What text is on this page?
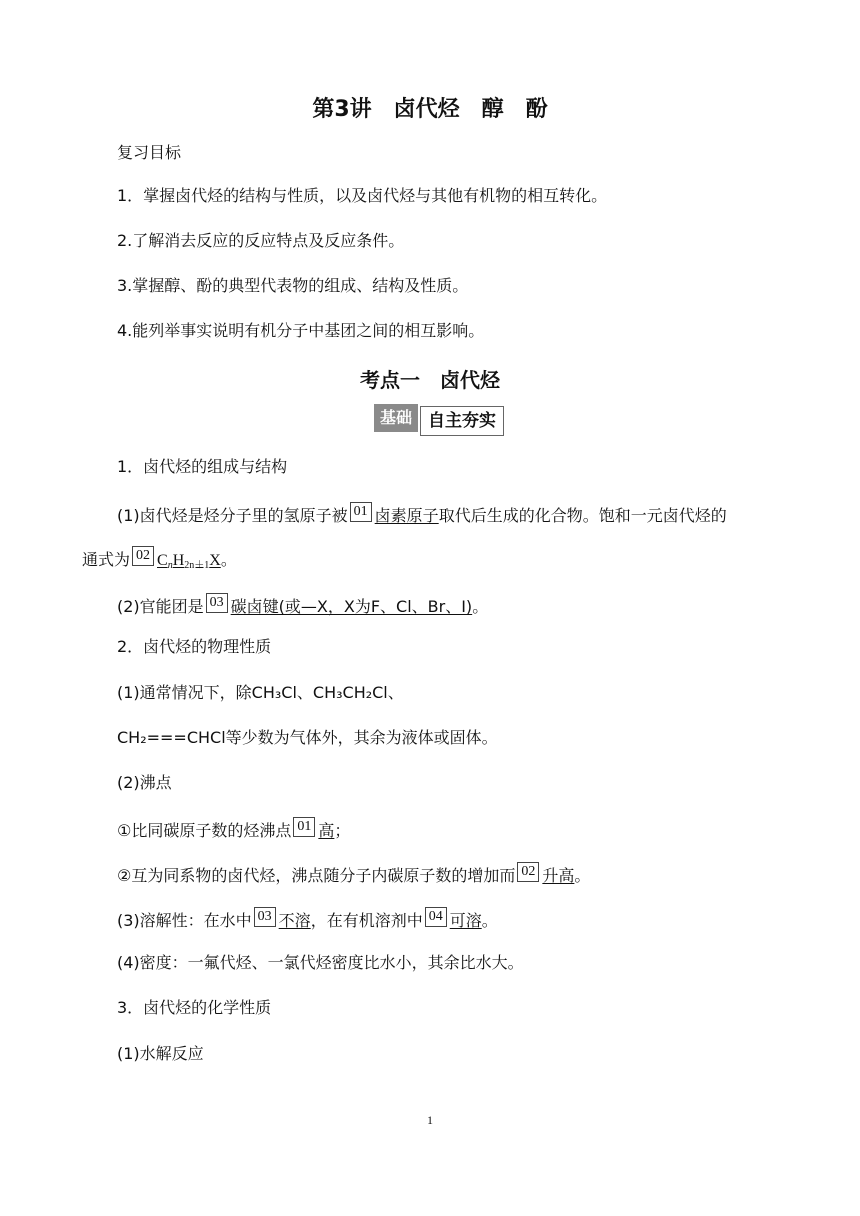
第3讲　卤代烃　醇　酚
复习目标
1．掌握卤代烃的结构与性质，以及卤代烃与其他有机物的相互转化。
2.了解消去反应的反应特点及反应条件。
3.掌握醇、酚的典型代表物的组成、结构及性质。
4.能列举事实说明有机分子中基团之间的相互影响。
考点一　卤代烃
基础 自主夯实
1．卤代烃的组成与结构
(1)卤代烃是烃分子里的氢原子被 01 卤素原子取代后生成的化合物。饱和一元卤代烃的
通式为 02 $C_nH_{2n+1}X$。
(2)官能团是 03 碳卤键(或—X，X为F、Cl、Br、I)。
2．卤代烃的物理性质
(1)通常情况下，除CH₃Cl、CH₃CH₂Cl、
CH₂===CHCl等少数为气体外，其余为液体或固体。
(2)沸点
①比同碳原子数的烃沸点 01 高；
②互为同系物的卤代烃，沸点随分子内碳原子数的增加而 02 升高。
(3)溶解性：在水中 03 不溶，在有机溶剂中 04 可溶。
(4)密度：一氟代烃、一氯代烃密度比水小，其余比水大。
3．卤代烃的化学性质
(1)水解反应
1
